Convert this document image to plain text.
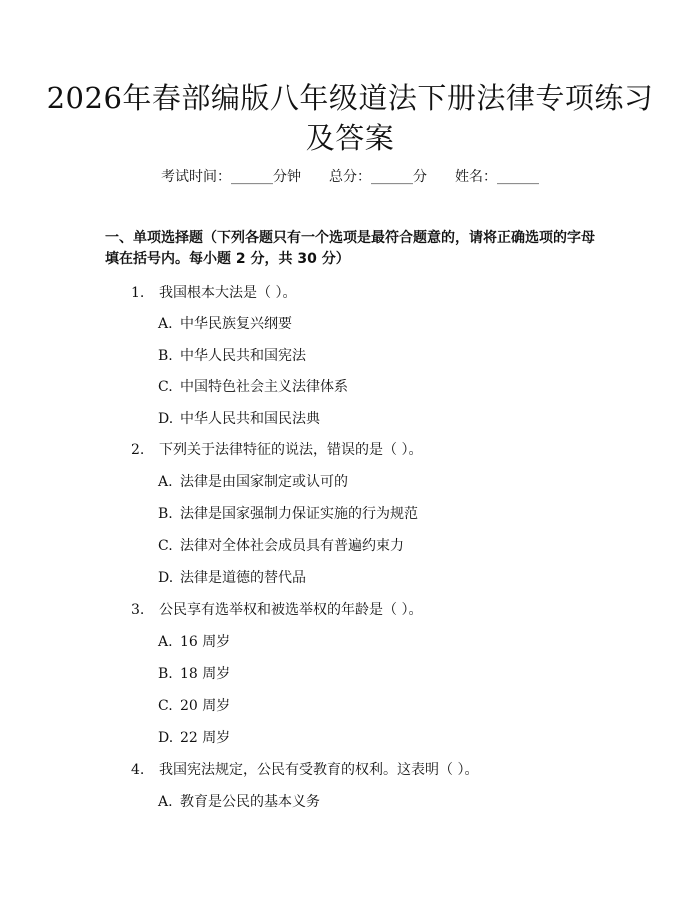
2026年春部编版八年级道法下册法律专项练习及答案
考试时间：______分钟 总分：______分 姓名：______
一、单项选择题（下列各题只有一个选项是最符合题意的，请将正确选项的字母填在括号内。每小题 2 分，共 30 分）
1. 我国根本大法是（ ）。
A. 中华民族复兴纲要
B. 中华人民共和国宪法
C. 中国特色社会主义法律体系
D. 中华人民共和国民法典
2. 下列关于法律特征的说法，错误的是（ ）。
A. 法律是由国家制定或认可的
B. 法律是国家强制力保证实施的行为规范
C. 法律对全体社会成员具有普遍约束力
D. 法律是道德的替代品
3. 公民享有选举权和被选举权的年龄是（ ）。
A. 16 周岁
B. 18 周岁
C. 20 周岁
D. 22 周岁
4. 我国宪法规定，公民有受教育的权利。这表明（ ）。
A. 教育是公民的基本义务
